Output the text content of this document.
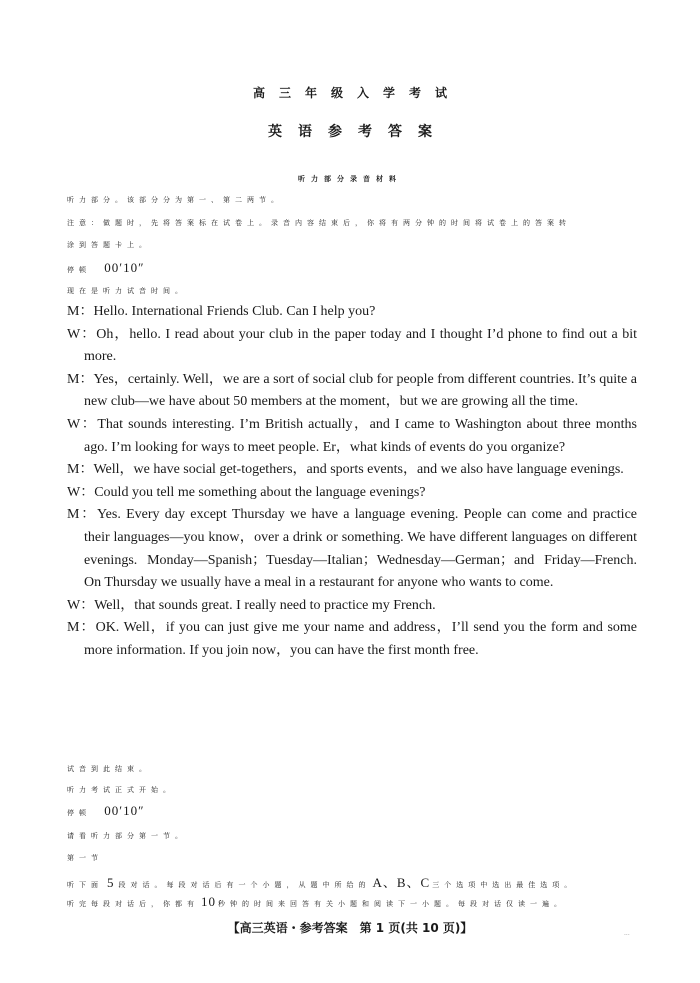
高三年级入学考试
英语参考答案
听力部分录音材料
听力部分。该部分分为第一、第二两节。
注意：做题时，先将答案标在试卷上。录音内容结束后，你将有两分钟的时间将试卷上的答案转
涂到答题卡上。
停顿 00′10″
现在是听力试音时间。

M：Hello. International Friends Club. Can I help you?

W：Oh，hello. I read about your club in the paper today and I thought I’d phone to find out a bit more.

M：Yes，certainly. Well，we are a sort of social club for people from different countries. It’s quite a new club—we have about 50 members at the moment，but we are growing all the time.

W：That sounds interesting. I’m British actually，and I came to Washington about three months ago. I’m looking for ways to meet people. Er，what kinds of events do you organize?

M：Well，we have social get-togethers，and sports events，and we also have language evenings.

W：Could you tell me something about the language evenings?

M：Yes. Every day except Thursday we have a language evening. People can come and practice their languages—you know，over a drink or something. We have different languages on different evenings. Monday—Spanish；Tuesday—Italian；Wednesday—German；and Friday—French. On Thursday we usually have a meal in a restaurant for anyone who wants to come.

W：Well，that sounds great. I really need to practice my French.

M：OK. Well，if you can just give me your name and address，I’ll send you the form and some more information. If you join now，you can have the first month free.

试音到此结束。
听力考试正式开始。
停顿 00′10″
请看听力部分第一节。
第一节
听下面 5 段对话。每段对话后有一个小题，从题中所给的 A、B、C 三个选项中选出最佳选项。
听完每段对话后，你都有 10 秒钟的时间来回答有关小题和阅读下一小题。每段对话仅读一遍。
【高三英语・参考答案　第 1 页(共 10 页)】	...
